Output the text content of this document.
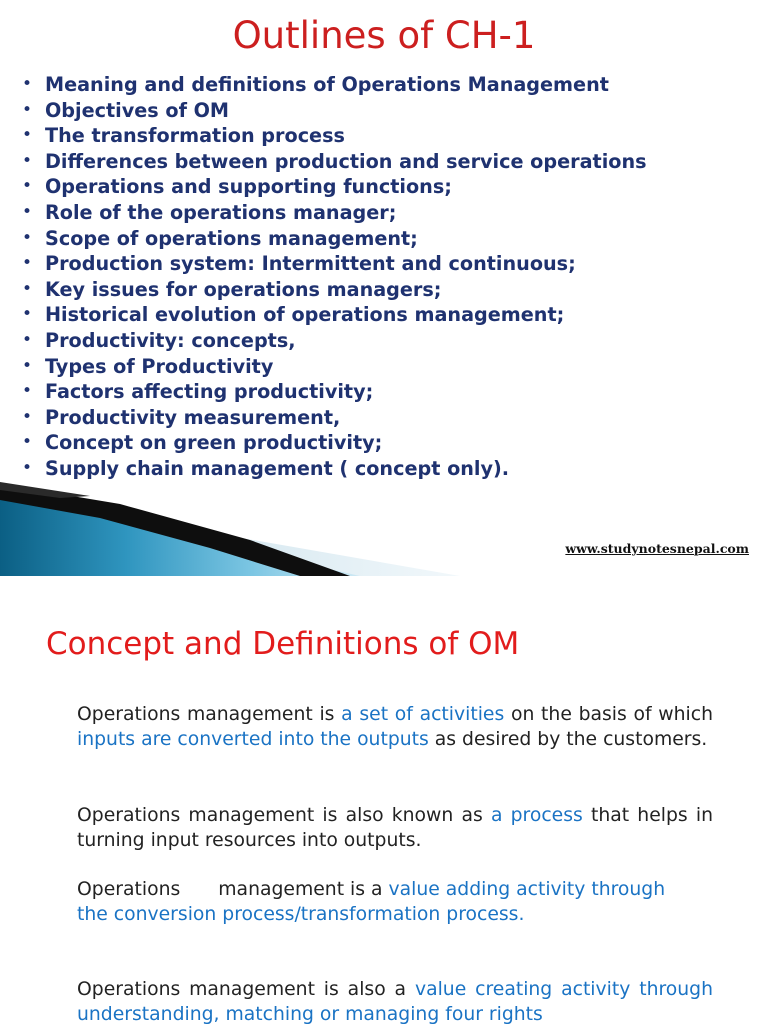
Outlines of CH-1
• Meaning and definitions of Operations Management
• Objectives of OM
• The transformation process
• Differences between production and service operations
• Operations and supporting functions;
• Role of the operations manager;
• Scope of operations management;
• Production system: Intermittent and continuous;
• Key issues for operations managers;
• Historical evolution of operations management;
• Productivity: concepts,
• Types of Productivity
• Factors affecting productivity;
• Productivity measurement,
• Concept on green productivity;
• Supply chain management ( concept only).
www.studynotesnepal.com
Concept and Definitions of OM

Operations management is a set of activities on the basis of which inputs are converted into the outputs as desired by the customers.

Operations management is also known as a process that helps in turning input resources into outputs.

Operations management is a value adding activity through
the conversion process/transformation process.

Operations management is also a value creating activity through understanding, matching or managing four rights
